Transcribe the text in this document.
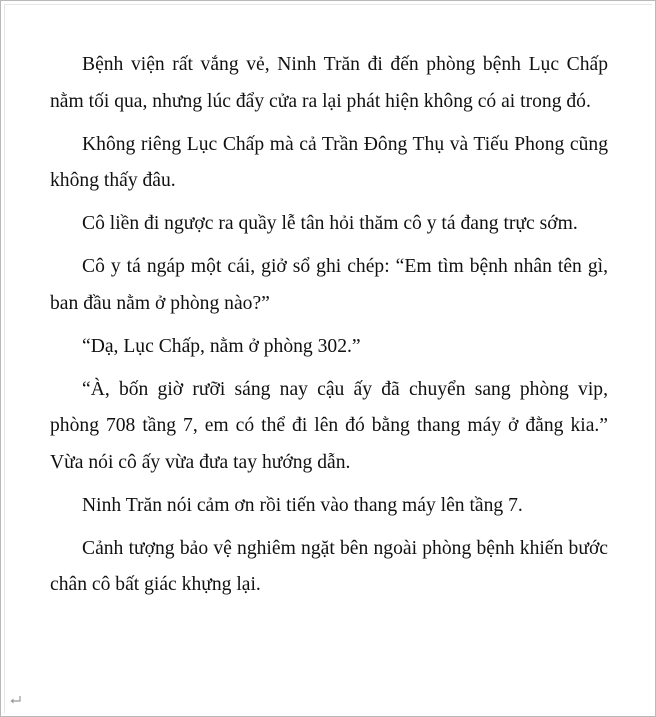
Bệnh viện rất vắng vẻ, Ninh Trăn đi đến phòng bệnh Lục Chấp nằm tối qua, nhưng lúc đẩy cửa ra lại phát hiện không có ai trong đó.

Không riêng Lục Chấp mà cả Trần Đông Thụ và Tiếu Phong cũng không thấy đâu.

Cô liền đi ngược ra quầy lễ tân hỏi thăm cô y tá đang trực sớm.

Cô y tá ngáp một cái, giở sổ ghi chép: “Em tìm bệnh nhân tên gì, ban đầu nằm ở phòng nào?”

“Dạ, Lục Chấp, nằm ở phòng 302.”

“À, bốn giờ rưỡi sáng nay cậu ấy đã chuyển sang phòng vip, phòng 708 tầng 7, em có thể đi lên đó bằng thang máy ở đằng kia.” Vừa nói cô ấy vừa đưa tay hướng dẫn.

Ninh Trăn nói cảm ơn rồi tiến vào thang máy lên tầng 7.

Cảnh tượng bảo vệ nghiêm ngặt bên ngoài phòng bệnh khiến bước chân cô bất giác khựng lại.
